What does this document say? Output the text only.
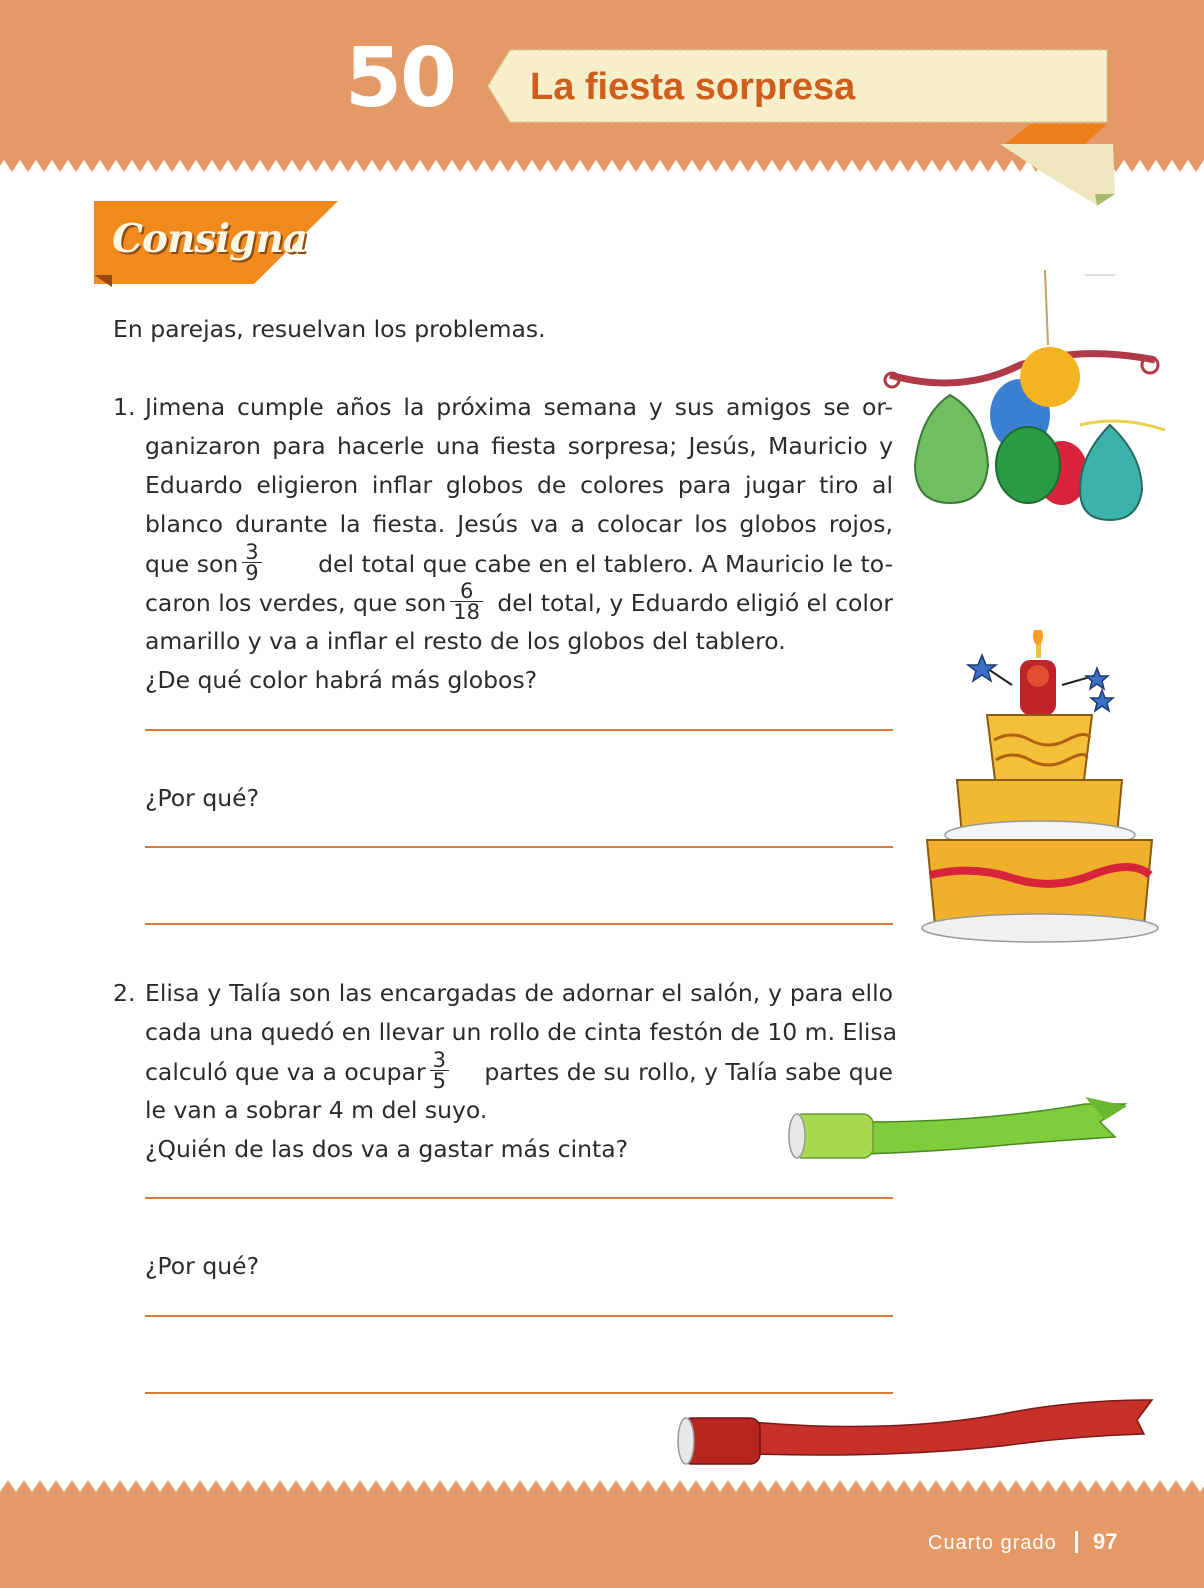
50 La fiesta sorpresa
Consigna
En parejas, resuelvan los problemas.
1. Jimena cumple años la próxima semana y sus amigos se or-
ganizaron para hacerle una fiesta sorpresa; Jesús, Mauricio y
Eduardo eligieron inflar globos de colores para jugar tiro al
blanco durante la fiesta. Jesús va a colocar los globos rojos,
que son $\frac{3}{9}$ del total que cabe en el tablero. A Mauricio le to-
caron los verdes, que son $\frac{6}{18}$ del total, y Eduardo eligió el color
amarillo y va a inflar el resto de los globos del tablero.
¿De qué color habrá más globos?
¿Por qué?
2. Elisa y Talía son las encargadas de adornar el salón, y para ello
cada una quedó en llevar un rollo de cinta festón de 10 m. Elisa
calculó que va a ocupar $\frac{3}{5}$ partes de su rollo, y Talía sabe que
le van a sobrar 4 m del suyo.
¿Quién de las dos va a gastar más cinta?
¿Por qué?
Cuarto grado 97
